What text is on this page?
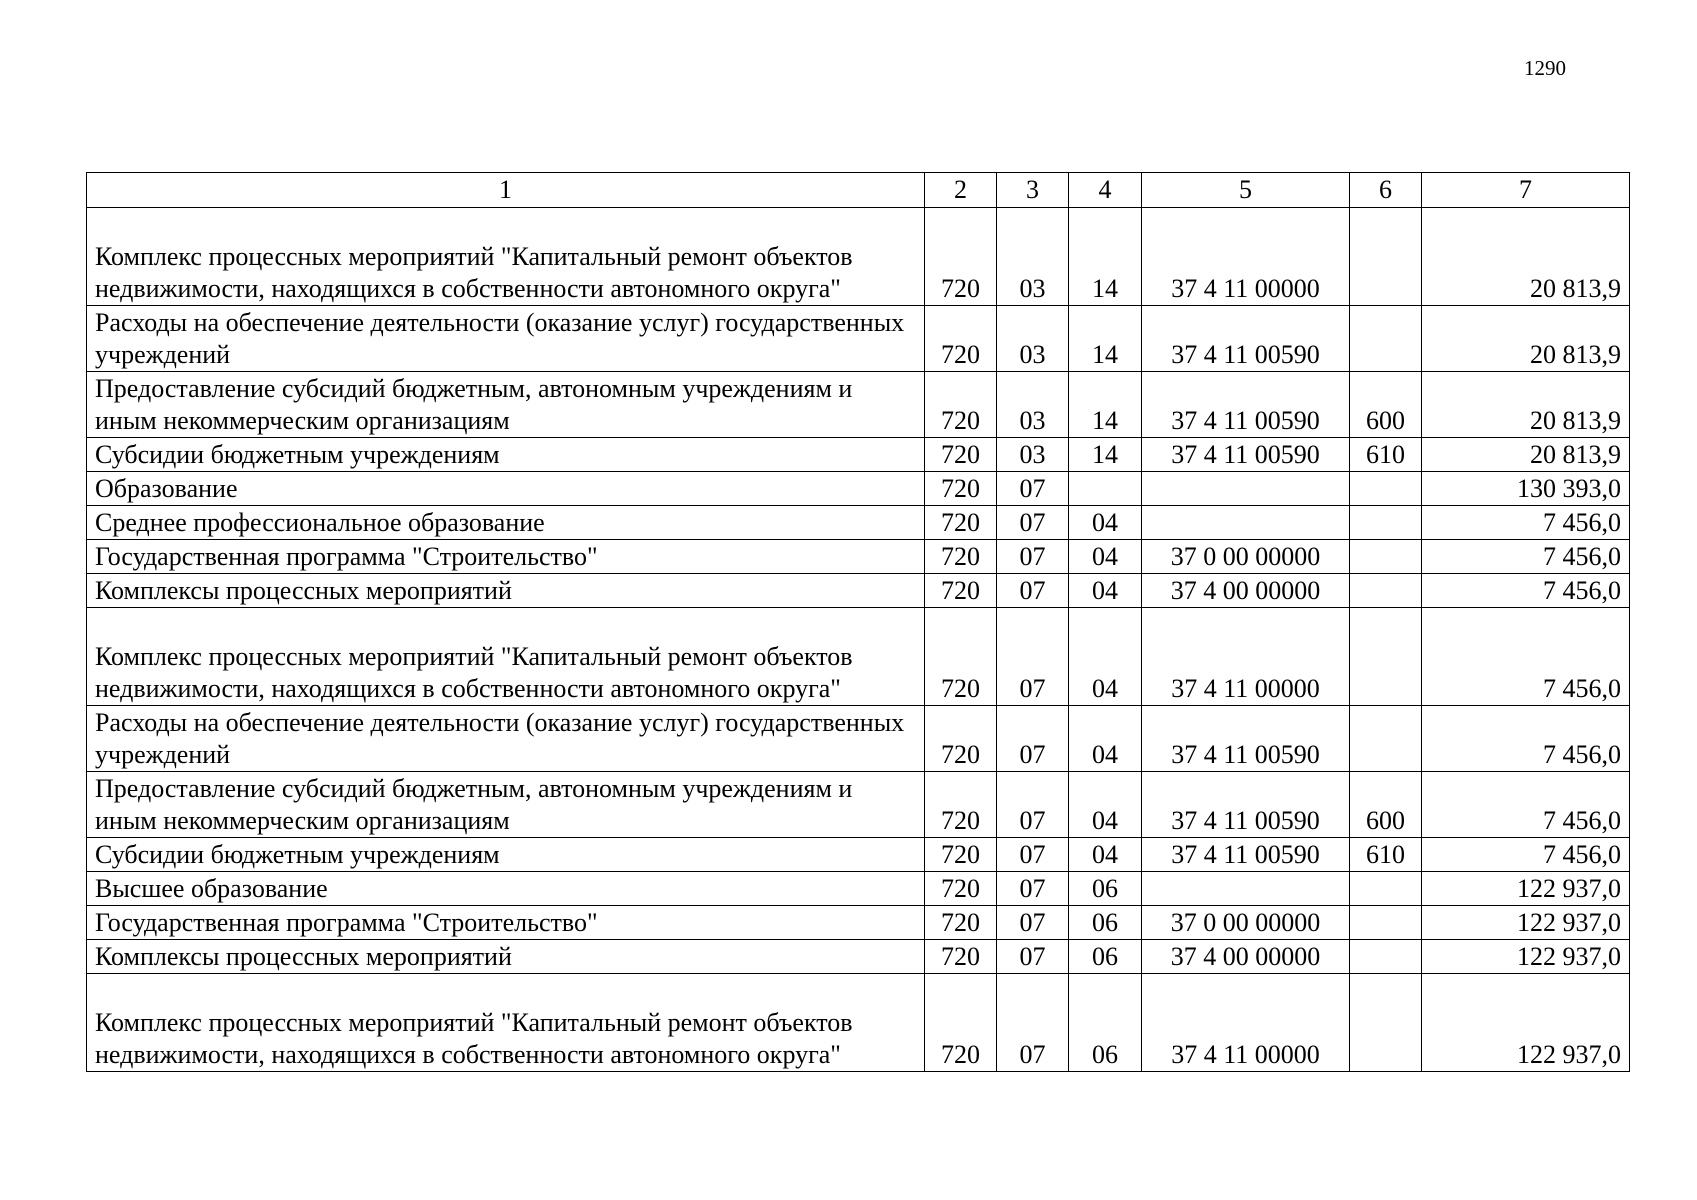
1290
1	2	3	4	5	6	7
Комплекс процессных мероприятий "Капитальный ремонт объектов недвижимости, находящихся в собственности автономного округа"	720	03	14	37 4 11 00000		20 813,9
Расходы на обеспечение деятельности (оказание услуг) государственных учреждений	720	03	14	37 4 11 00590		20 813,9
Предоставление субсидий бюджетным, автономным учреждениям и иным некоммерческим организациям	720	03	14	37 4 11 00590	600	20 813,9
Субсидии бюджетным учреждениям	720	03	14	37 4 11 00590	610	20 813,9
Образование	720	07				130 393,0
Среднее профессиональное образование	720	07	04			7 456,0
Государственная программа "Строительство"	720	07	04	37 0 00 00000		7 456,0
Комплексы процессных мероприятий	720	07	04	37 4 00 00000		7 456,0
Комплекс процессных мероприятий "Капитальный ремонт объектов недвижимости, находящихся в собственности автономного округа"	720	07	04	37 4 11 00000		7 456,0
Расходы на обеспечение деятельности (оказание услуг) государственных учреждений	720	07	04	37 4 11 00590		7 456,0
Предоставление субсидий бюджетным, автономным учреждениям и иным некоммерческим организациям	720	07	04	37 4 11 00590	600	7 456,0
Субсидии бюджетным учреждениям	720	07	04	37 4 11 00590	610	7 456,0
Высшее образование	720	07	06			122 937,0
Государственная программа "Строительство"	720	07	06	37 0 00 00000		122 937,0
Комплексы процессных мероприятий	720	07	06	37 4 00 00000		122 937,0
Комплекс процессных мероприятий "Капитальный ремонт объектов недвижимости, находящихся в собственности автономного округа"	720	07	06	37 4 11 00000		122 937,0
